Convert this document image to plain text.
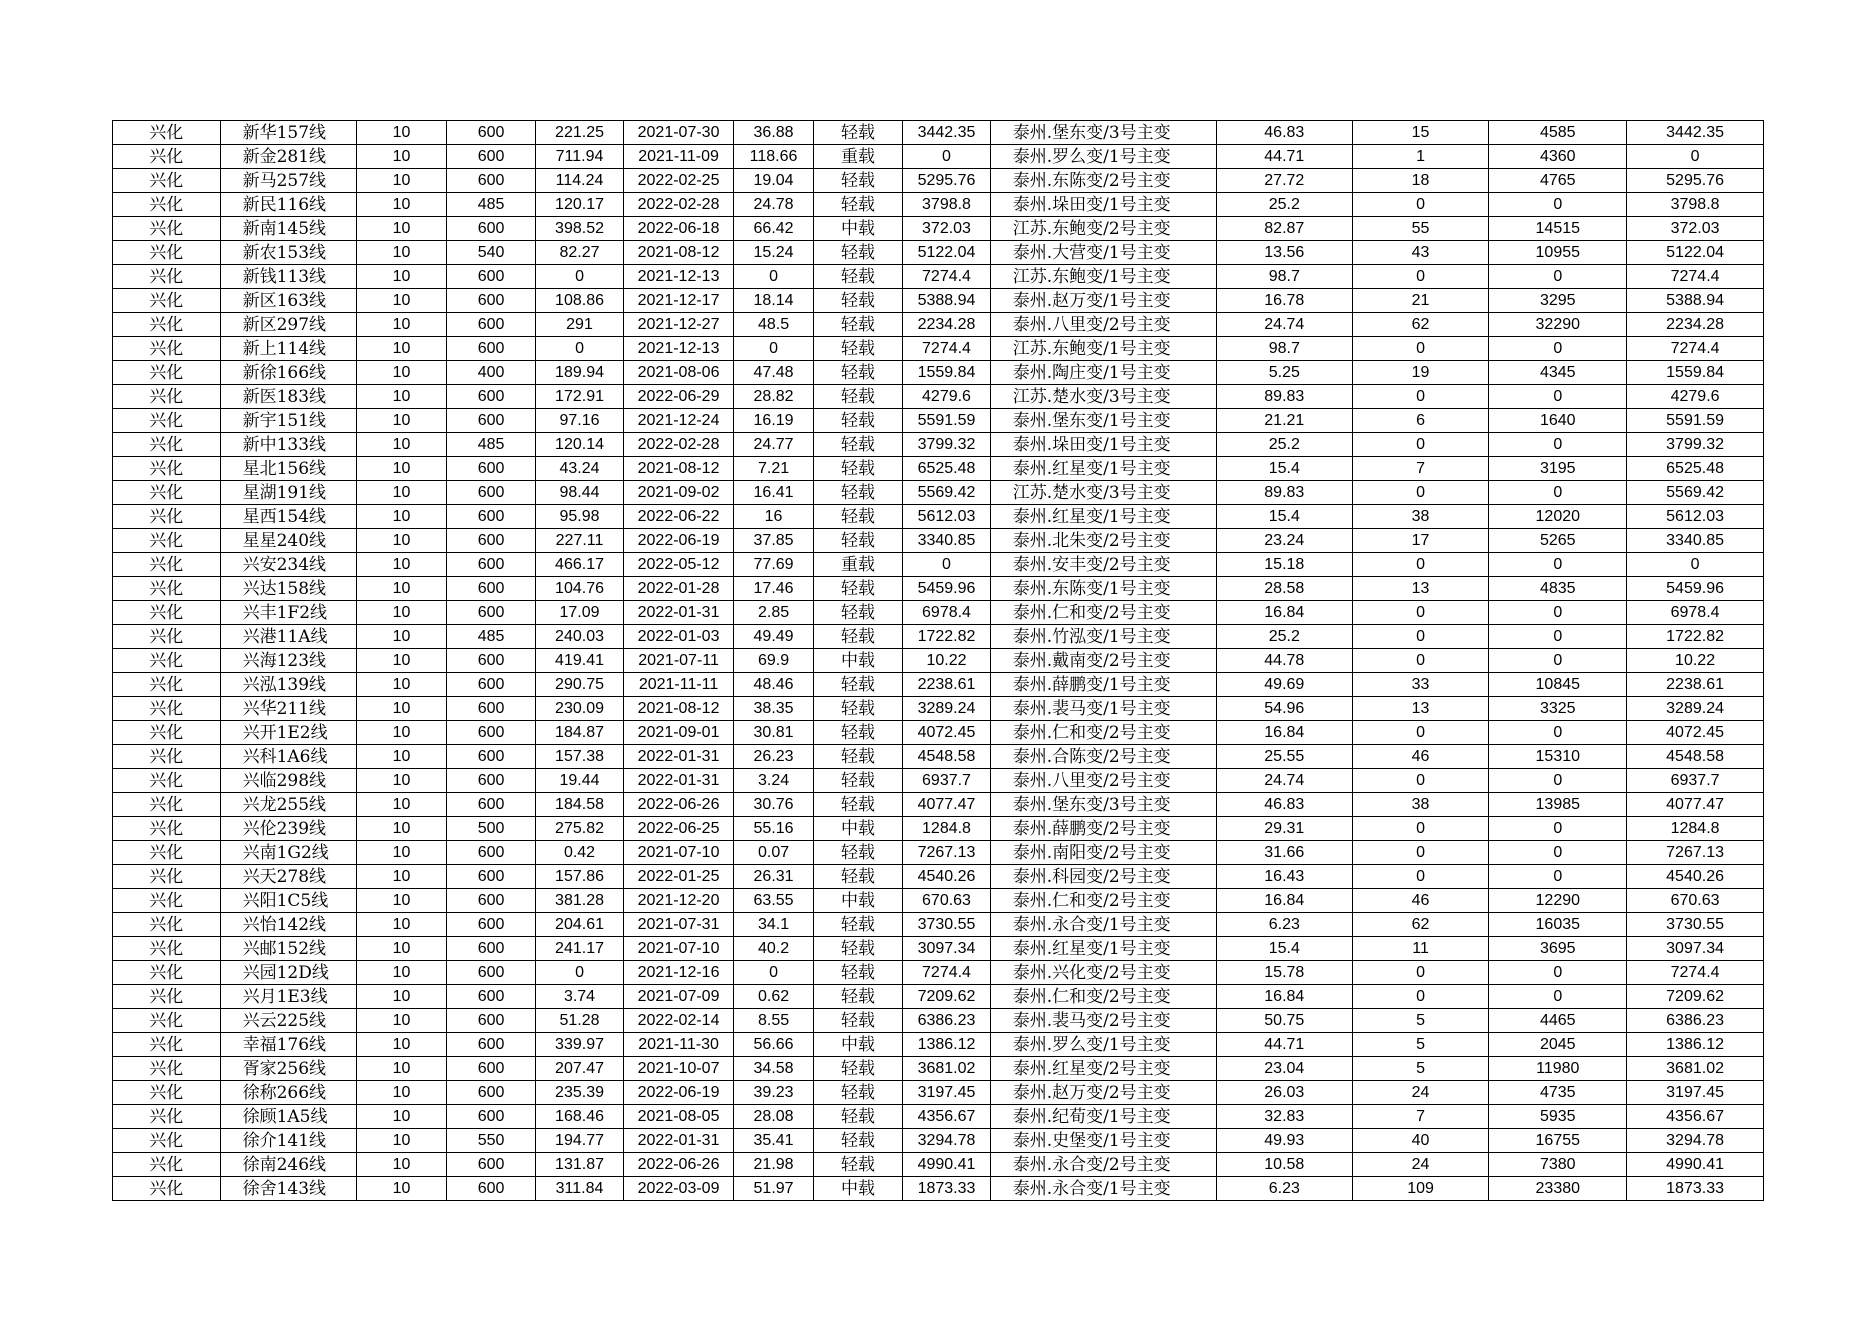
兴化	新华157线	10	600	221.25	2021-07-30	36.88	轻载	3442.35	泰州.堡东变/3号主变	46.83	15	4585	3442.35
兴化	新金281线	10	600	711.94	2021-11-09	118.66	重载	0	泰州.罗么变/1号主变	44.71	1	4360	0
兴化	新马257线	10	600	114.24	2022-02-25	19.04	轻载	5295.76	泰州.东陈变/2号主变	27.72	18	4765	5295.76
兴化	新民116线	10	485	120.17	2022-02-28	24.78	轻载	3798.8	泰州.垛田变/1号主变	25.2	0	0	3798.8
兴化	新南145线	10	600	398.52	2022-06-18	66.42	中载	372.03	江苏.东鲍变/2号主变	82.87	55	14515	372.03
兴化	新农153线	10	540	82.27	2021-08-12	15.24	轻载	5122.04	泰州.大营变/1号主变	13.56	43	10955	5122.04
兴化	新钱113线	10	600	0	2021-12-13	0	轻载	7274.4	江苏.东鲍变/1号主变	98.7	0	0	7274.4
兴化	新区163线	10	600	108.86	2021-12-17	18.14	轻载	5388.94	泰州.赵万变/1号主变	16.78	21	3295	5388.94
兴化	新区297线	10	600	291	2021-12-27	48.5	轻载	2234.28	泰州.八里变/2号主变	24.74	62	32290	2234.28
兴化	新上114线	10	600	0	2021-12-13	0	轻载	7274.4	江苏.东鲍变/1号主变	98.7	0	0	7274.4
兴化	新徐166线	10	400	189.94	2021-08-06	47.48	轻载	1559.84	泰州.陶庄变/1号主变	5.25	19	4345	1559.84
兴化	新医183线	10	600	172.91	2022-06-29	28.82	轻载	4279.6	江苏.楚水变/3号主变	89.83	0	0	4279.6
兴化	新宇151线	10	600	97.16	2021-12-24	16.19	轻载	5591.59	泰州.堡东变/1号主变	21.21	6	1640	5591.59
兴化	新中133线	10	485	120.14	2022-02-28	24.77	轻载	3799.32	泰州.垛田变/1号主变	25.2	0	0	3799.32
兴化	星北156线	10	600	43.24	2021-08-12	7.21	轻载	6525.48	泰州.红星变/1号主变	15.4	7	3195	6525.48
兴化	星湖191线	10	600	98.44	2021-09-02	16.41	轻载	5569.42	江苏.楚水变/3号主变	89.83	0	0	5569.42
兴化	星西154线	10	600	95.98	2022-06-22	16	轻载	5612.03	泰州.红星变/1号主变	15.4	38	12020	5612.03
兴化	星星240线	10	600	227.11	2022-06-19	37.85	轻载	3340.85	泰州.北朱变/2号主变	23.24	17	5265	3340.85
兴化	兴安234线	10	600	466.17	2022-05-12	77.69	重载	0	泰州.安丰变/2号主变	15.18	0	0	0
兴化	兴达158线	10	600	104.76	2022-01-28	17.46	轻载	5459.96	泰州.东陈变/1号主变	28.58	13	4835	5459.96
兴化	兴丰1F2线	10	600	17.09	2022-01-31	2.85	轻载	6978.4	泰州.仁和变/2号主变	16.84	0	0	6978.4
兴化	兴港11A线	10	485	240.03	2022-01-03	49.49	轻载	1722.82	泰州.竹泓变/1号主变	25.2	0	0	1722.82
兴化	兴海123线	10	600	419.41	2021-07-11	69.9	中载	10.22	泰州.戴南变/2号主变	44.78	0	0	10.22
兴化	兴泓139线	10	600	290.75	2021-11-11	48.46	轻载	2238.61	泰州.薛鹏变/1号主变	49.69	33	10845	2238.61
兴化	兴华211线	10	600	230.09	2021-08-12	38.35	轻载	3289.24	泰州.裴马变/1号主变	54.96	13	3325	3289.24
兴化	兴开1E2线	10	600	184.87	2021-09-01	30.81	轻载	4072.45	泰州.仁和变/2号主变	16.84	0	0	4072.45
兴化	兴科1A6线	10	600	157.38	2022-01-31	26.23	轻载	4548.58	泰州.合陈变/2号主变	25.55	46	15310	4548.58
兴化	兴临298线	10	600	19.44	2022-01-31	3.24	轻载	6937.7	泰州.八里变/2号主变	24.74	0	0	6937.7
兴化	兴龙255线	10	600	184.58	2022-06-26	30.76	轻载	4077.47	泰州.堡东变/3号主变	46.83	38	13985	4077.47
兴化	兴伦239线	10	500	275.82	2022-06-25	55.16	中载	1284.8	泰州.薛鹏变/2号主变	29.31	0	0	1284.8
兴化	兴南1G2线	10	600	0.42	2021-07-10	0.07	轻载	7267.13	泰州.南阳变/2号主变	31.66	0	0	7267.13
兴化	兴天278线	10	600	157.86	2022-01-25	26.31	轻载	4540.26	泰州.科园变/2号主变	16.43	0	0	4540.26
兴化	兴阳1C5线	10	600	381.28	2021-12-20	63.55	中载	670.63	泰州.仁和变/2号主变	16.84	46	12290	670.63
兴化	兴怡142线	10	600	204.61	2021-07-31	34.1	轻载	3730.55	泰州.永合变/1号主变	6.23	62	16035	3730.55
兴化	兴邮152线	10	600	241.17	2021-07-10	40.2	轻载	3097.34	泰州.红星变/1号主变	15.4	11	3695	3097.34
兴化	兴园12D线	10	600	0	2021-12-16	0	轻载	7274.4	泰州.兴化变/2号主变	15.78	0	0	7274.4
兴化	兴月1E3线	10	600	3.74	2021-07-09	0.62	轻载	7209.62	泰州.仁和变/2号主变	16.84	0	0	7209.62
兴化	兴云225线	10	600	51.28	2022-02-14	8.55	轻载	6386.23	泰州.裴马变/2号主变	50.75	5	4465	6386.23
兴化	幸福176线	10	600	339.97	2021-11-30	56.66	中载	1386.12	泰州.罗么变/1号主变	44.71	5	2045	1386.12
兴化	胥家256线	10	600	207.47	2021-10-07	34.58	轻载	3681.02	泰州.红星变/2号主变	23.04	5	11980	3681.02
兴化	徐称266线	10	600	235.39	2022-06-19	39.23	轻载	3197.45	泰州.赵万变/2号主变	26.03	24	4735	3197.45
兴化	徐顾1A5线	10	600	168.46	2021-08-05	28.08	轻载	4356.67	泰州.纪荀变/1号主变	32.83	7	5935	4356.67
兴化	徐介141线	10	550	194.77	2022-01-31	35.41	轻载	3294.78	泰州.史堡变/1号主变	49.93	40	16755	3294.78
兴化	徐南246线	10	600	131.87	2022-06-26	21.98	轻载	4990.41	泰州.永合变/2号主变	10.58	24	7380	4990.41
兴化	徐舍143线	10	600	311.84	2022-03-09	51.97	中载	1873.33	泰州.永合变/1号主变	6.23	109	23380	1873.33
